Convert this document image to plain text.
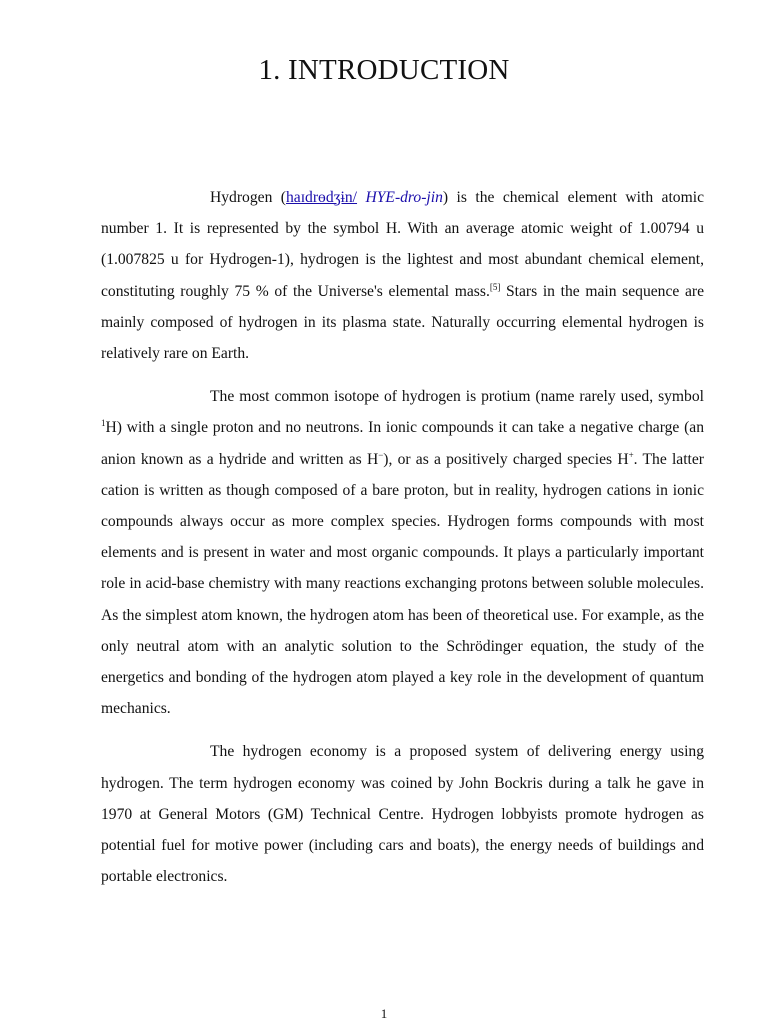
1. INTRODUCTION

Hydrogen (haɪdrɵdʒɨn/ HYE-dro-jin) is the chemical element with atomic number 1. It is represented by the symbol H. With an average atomic weight of 1.00794 u (1.007825 u for Hydrogen-1), hydrogen is the lightest and most abundant chemical element, constituting roughly 75 % of the Universe's elemental mass.[5] Stars in the main sequence are mainly composed of hydrogen in its plasma state. Naturally occurring elemental hydrogen is relatively rare on Earth.

The most common isotope of hydrogen is protium (name rarely used, symbol $^1$H) with a single proton and no neutrons. In ionic compounds it can take a negative charge (an anion known as a hydride and written as H−), or as a positively charged species H+. The latter cation is written as though composed of a bare proton, but in reality, hydrogen cations in ionic compounds always occur as more complex species. Hydrogen forms compounds with most elements and is present in water and most organic compounds. It plays a particularly important role in acid-base chemistry with many reactions exchanging protons between soluble molecules. As the simplest atom known, the hydrogen atom has been of theoretical use. For example, as the only neutral atom with an analytic solution to the Schrödinger equation, the study of the energetics and bonding of the hydrogen atom played a key role in the development of quantum mechanics.

The hydrogen economy is a proposed system of delivering energy using hydrogen. The term hydrogen economy was coined by John Bockris during a talk he gave in 1970 at General Motors (GM) Technical Centre. Hydrogen lobbyists promote hydrogen as potential fuel for motive power (including cars and boats), the energy needs of buildings and portable electronics.

1
